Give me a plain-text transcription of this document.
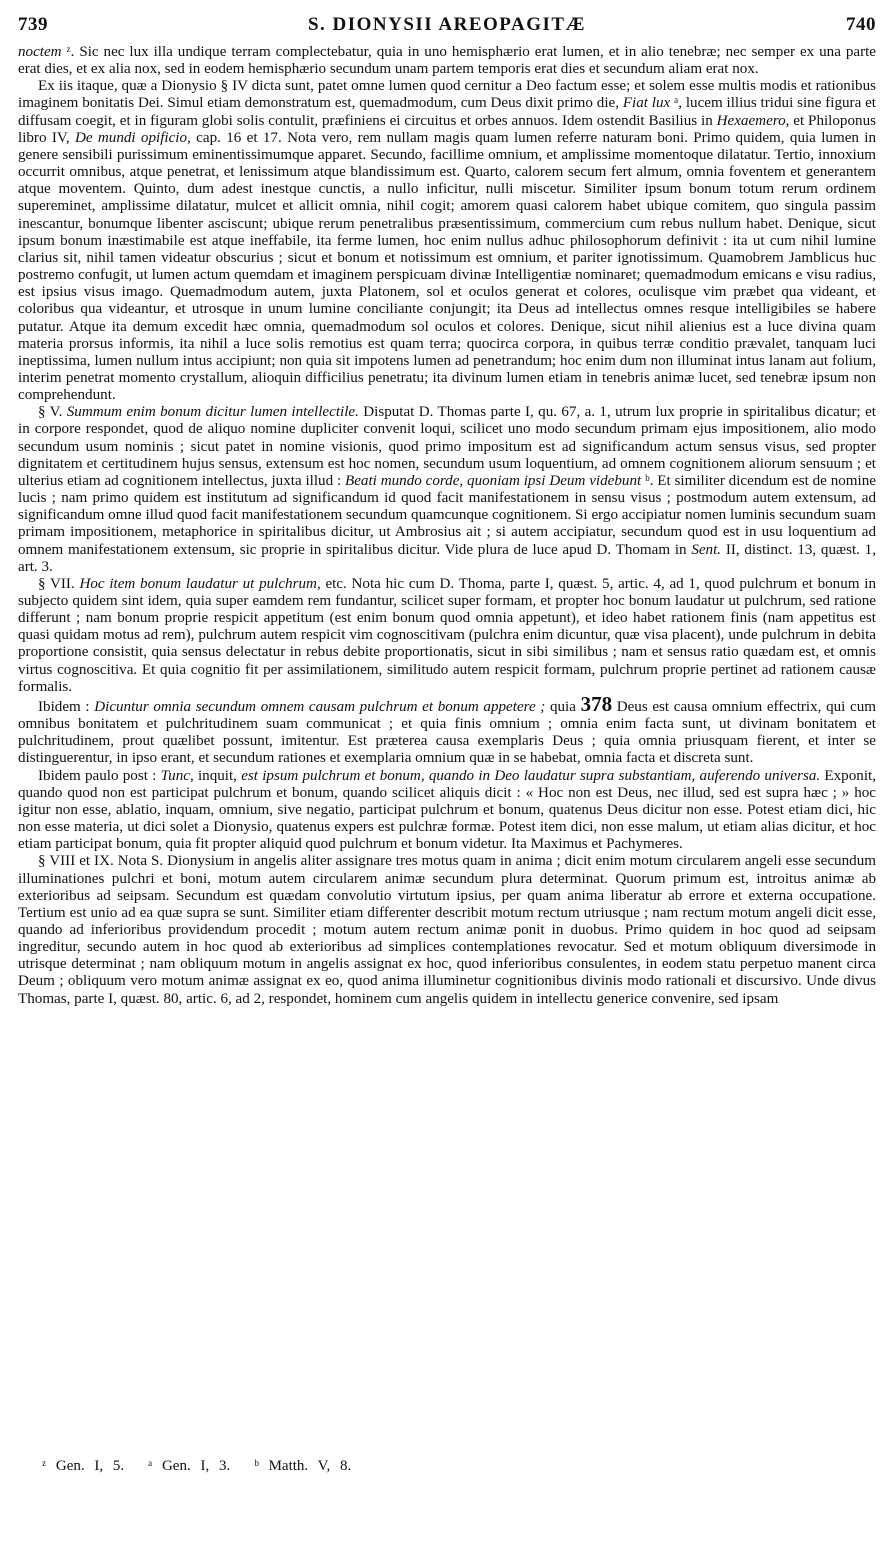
739	S. DIONYSII AREOPAGITÆ	740

noctem ᶻ. Sic nec lux illa undique terram complectebatur, quia in uno hemisphærio erat lumen, et in alio tenebræ; nec semper ex una parte erat dies, et ex alia nox, sed in eodem hemisphærio secundum unam partem temporis erat dies et secundum aliam erat nox.

Ex iis itaque, quæ a Dionysio § IV dicta sunt, patet omne lumen quod cernitur a Deo factum esse; et solem esse multis modis et rationibus imaginem bonitatis Dei. Simul etiam demonstratum est, quemadmodum, cum Deus dixit primo die, Fiat lux ᵃ, lucem illius tridui sine figura et diffusam coegit, et in figuram globi solis contulit, præfiniens ei circuitus et orbes annuos. Idem ostendit Basilius in Hexaemero, et Philoponus libro IV, De mundi opificio, cap. 16 et 17. Nota vero, rem nullam magis quam lumen referre naturam boni. Primo quidem, quia lumen in genere sensibili purissimum eminentissimumque apparet. Secundo, facillime omnium, et amplissime momentoque dilatatur. Tertio, innoxium occurrit omnibus, atque penetrat, et lenissimum atque blandissimum est. Quarto, calorem secum fert almum, omnia foventem et generantem atque moventem. Quinto, dum adest inestque cunctis, a nullo inficitur, nulli miscetur. Similiter ipsum bonum totum rerum ordinem supereminet, amplissime dilatatur, mulcet et allicit omnia, nihil cogit; amorem quasi calorem habet ubique comitem, quo singula passim inescantur, bonumque libenter asciscunt; ubique rerum penetralibus præsentissimum, commercium cum rebus nullum habet. Denique, sicut ipsum bonum inæstimabile est atque ineffabile, ita ferme lumen, hoc enim nullus adhuc philosophorum definivit : ita ut cum nihil lumine clarius sit, nihil tamen videatur obscurius ; sicut et bonum et notissimum est omnium, et pariter ignotissimum. Quamobrem Jamblicus huc postremo confugit, ut lumen actum quemdam et imaginem perspicuam divinæ Intelligentiæ nominaret; quemadmodum emicans e visu radius, est ipsius visus imago. Quemadmodum autem, juxta Platonem, sol et oculos generat et colores, oculisque vim præbet qua videant, et coloribus qua videantur, et utrosque in unum lumine conciliante conjungit; ita Deus ad intellectus omnes resque intelligibiles se habere putatur. Atque ita demum excedit hæc omnia, quemadmodum sol oculos et colores. Denique, sicut nihil alienius est a luce divina quam materia prorsus informis, ita nihil a luce solis remotius est quam terra; quocirca corpora, in quibus terræ conditio prævalet, tanquam luci ineptissima, lumen nullum intus accipiunt; non quia sit impotens lumen ad penetrandum; hoc enim dum non illuminat intus lanam aut folium, interim penetrat momento crystallum, alioquin difficilius penetratu; ita divinum lumen etiam in tenebris animæ lucet, sed tenebræ ipsum non comprehendunt.

§ V. Summum enim bonum dicitur lumen intellectile. Disputat D. Thomas parte I, qu. 67, a. 1, utrum lux proprie in spiritalibus dicatur; et in corpore respondet, quod de aliquo nomine dupliciter convenit loqui, scilicet uno modo secundum primam ejus impositionem, alio modo secundum usum nominis ; sicut patet in nomine visionis, quod primo impositum est ad significandum actum sensus visus, sed propter dignitatem et certitudinem hujus sensus, extensum est hoc nomen, secundum usum loquentium, ad omnem cognitionem aliorum sensuum ; et ulterius etiam ad cognitionem intellectus, juxta illud : Beati mundo corde, quoniam ipsi Deum videbunt ᵇ. Et similiter dicendum est de nomine lucis ; nam primo quidem est institutum ad significandum id quod facit manifestationem in sensu visus ; postmodum autem extensum, ad significandum omne illud quod facit manifestationem secundum quamcunque cognitionem. Si ergo accipiatur nomen luminis secundum suam primam impositionem, metaphorice in spiritalibus dicitur, ut Ambrosius ait ; si autem accipiatur, secundum quod est in usu loquentium ad omnem manifestationem extensum, sic proprie in spiritalibus dicitur. Vide plura de luce apud D. Thomam in Sent. II, distinct. 13, quæst. 1, art. 3.

§ VII. Hoc item bonum laudatur ut pulchrum, etc. Nota hic cum D. Thoma, parte I, quæst. 5, artic. 4, ad 1, quod pulchrum et bonum in subjecto quidem sint idem, quia super eamdem rem fundantur, scilicet super formam, et propter hoc bonum laudatur ut pulchrum, sed ratione differunt ; nam bonum proprie respicit appetitum (est enim bonum quod omnia appetunt), et ideo habet rationem finis (nam appetitus est quasi quidam motus ad rem), pulchrum autem respicit vim cognoscitivam (pulchra enim dicuntur, quæ visa placent), unde pulchrum in debita proportione consistit, quia sensus delectatur in rebus debite proportionatis, sicut in sibi similibus ; nam et sensus ratio quædam est, et omnis virtus cognoscitiva. Et quia cognitio fit per assimilationem, similitudo autem respicit formam, pulchrum proprie pertinet ad rationem causæ formalis.

Ibidem : Dicuntur omnia secundum omnem causam pulchrum et bonum appetere ; quia 378 Deus est causa omnium effectrix, qui cum omnibus bonitatem et pulchritudinem suam communicat ; et quia finis omnium ; omnia enim facta sunt, ut divinam bonitatem et pulchritudinem, prout quælibet possunt, imitentur. Est præterea causa exemplaris Deus ; quia omnia priusquam fierent, et inter se distinguerentur, in ipso erant, et secundum rationes et exemplaria omnium quæ in se habebat, omnia facta et discreta sunt.

Ibidem paulo post : Tunc, inquit, est ipsum pulchrum et bonum, quando in Deo laudatur supra substantiam, auferendo universa. Exponit, quando quod non est participat pulchrum et bonum, quando scilicet aliquis dicit : « Hoc non est Deus, nec illud, sed est supra hæc ; » hoc igitur non esse, ablatio, inquam, omnium, sive negatio, participat pulchrum et bonum, quatenus Deus dicitur non esse. Potest etiam dici, hic non esse materia, ut dici solet a Dionysio, quatenus expers est pulchræ formæ. Potest item dici, non esse malum, ut etiam alias dicitur, et hoc etiam participat bonum, quia fit propter aliquid quod pulchrum et bonum videtur. Ita Maximus et Pachymeres.

§ VIII et IX. Nota S. Dionysium in angelis aliter assignare tres motus quam in anima ; dicit enim motum circularem angeli esse secundum illuminationes pulchri et boni, motum autem circularem animæ secundum plura determinat. Quorum primum est, introitus animæ ab exterioribus ad seipsam. Secundum est quædam convolutio virtutum ipsius, per quam anima liberatur ab errore et externa occupatione. Tertium est unio ad ea quæ supra se sunt. Similiter etiam differenter describit motum rectum utriusque ; nam rectum motum angeli dicit esse, quando ad inferioribus providendum procedit ; motum autem rectum animæ ponit in duobus. Primo quidem in hoc quod ad seipsam ingreditur, secundo autem in hoc quod ab exterioribus ad simplices contemplationes revocatur. Sed et motum obliquum diversimode in utrisque determinat ; nam obliquum motum in angelis assignat ex hoc, quod inferioribus consulentes, in eodem statu perpetuo manent circa Deum ; obliquum vero motum animæ assignat ex eo, quod anima illuminetur cognitionibus divinis modo rationali et discursivo. Unde divus Thomas, parte I, quæst. 80, artic. 6, ad 2, respondet, hominem cum angelis quidem in intellectu generice convenire, sed ipsam

ᶻ Gen. I, 5. ᵃ Gen. I, 3. ᵇ Matth. V, 8.
